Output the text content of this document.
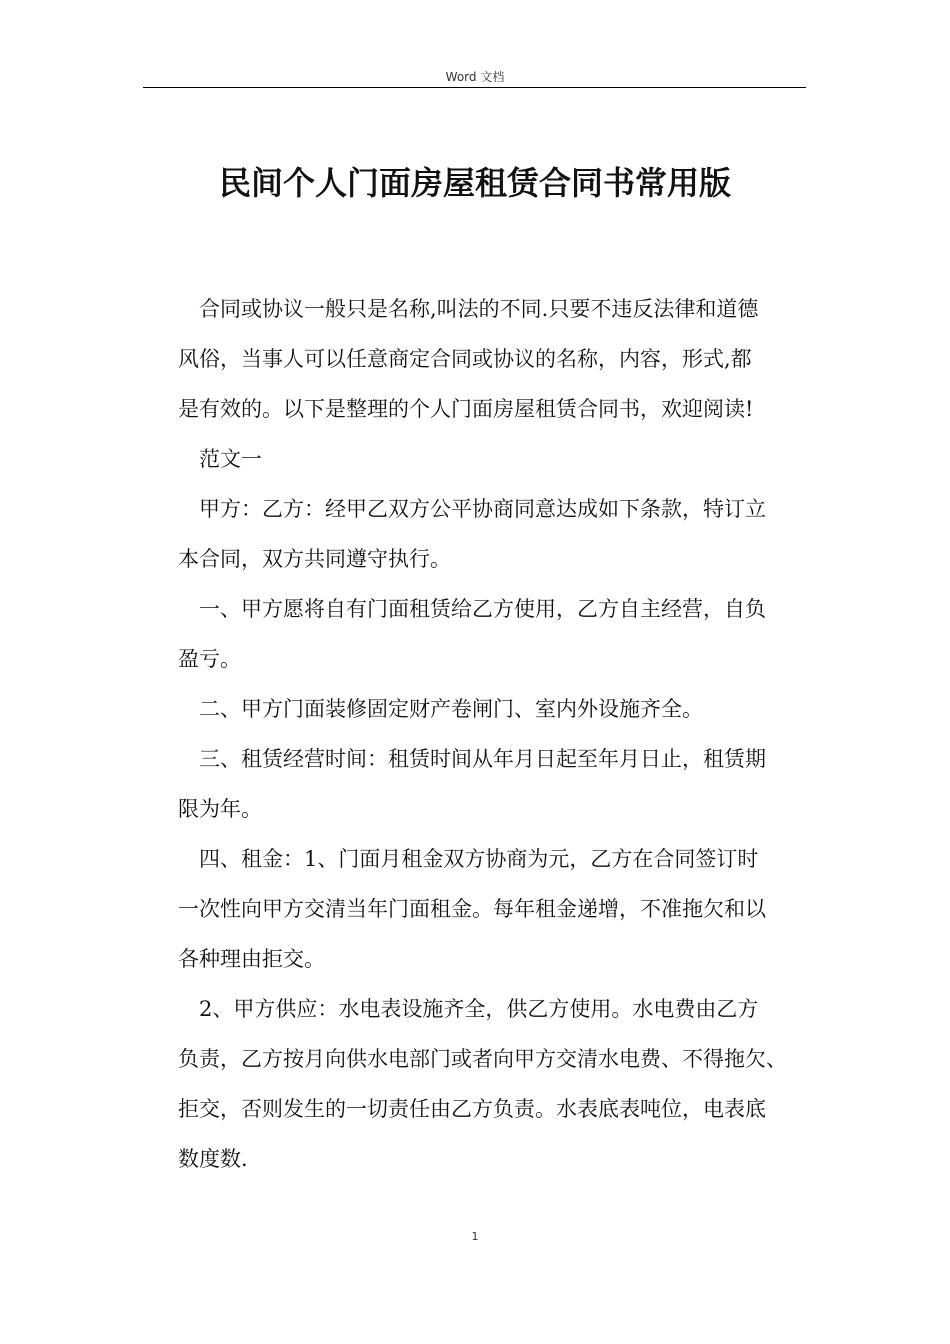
Word 文档
民间个人门面房屋租赁合同书常用版
合同或协议一般只是名称,叫法的不同.只要不违反法律和道德
风俗，当事人可以任意商定合同或协议的名称，内容，形式,都
是有效的。以下是整理的个人门面房屋租赁合同书，欢迎阅读!
范文一
甲方：乙方：经甲乙双方公平协商同意达成如下条款，特订立
本合同，双方共同遵守执行。
一、甲方愿将自有门面租赁给乙方使用，乙方自主经营，自负
盈亏。
二、甲方门面装修固定财产卷闸门、室内外设施齐全。
三、租赁经营时间：租赁时间从年月日起至年月日止，租赁期
限为年。
四、租金：1、门面月租金双方协商为元，乙方在合同签订时
一次性向甲方交清当年门面租金。每年租金递增，不准拖欠和以
各种理由拒交。
2、甲方供应：水电表设施齐全，供乙方使用。水电费由乙方
负责，乙方按月向供水电部门或者向甲方交清水电费、不得拖欠、
拒交，否则发生的一切责任由乙方负责。水表底表吨位，电表底
数度数.
1
